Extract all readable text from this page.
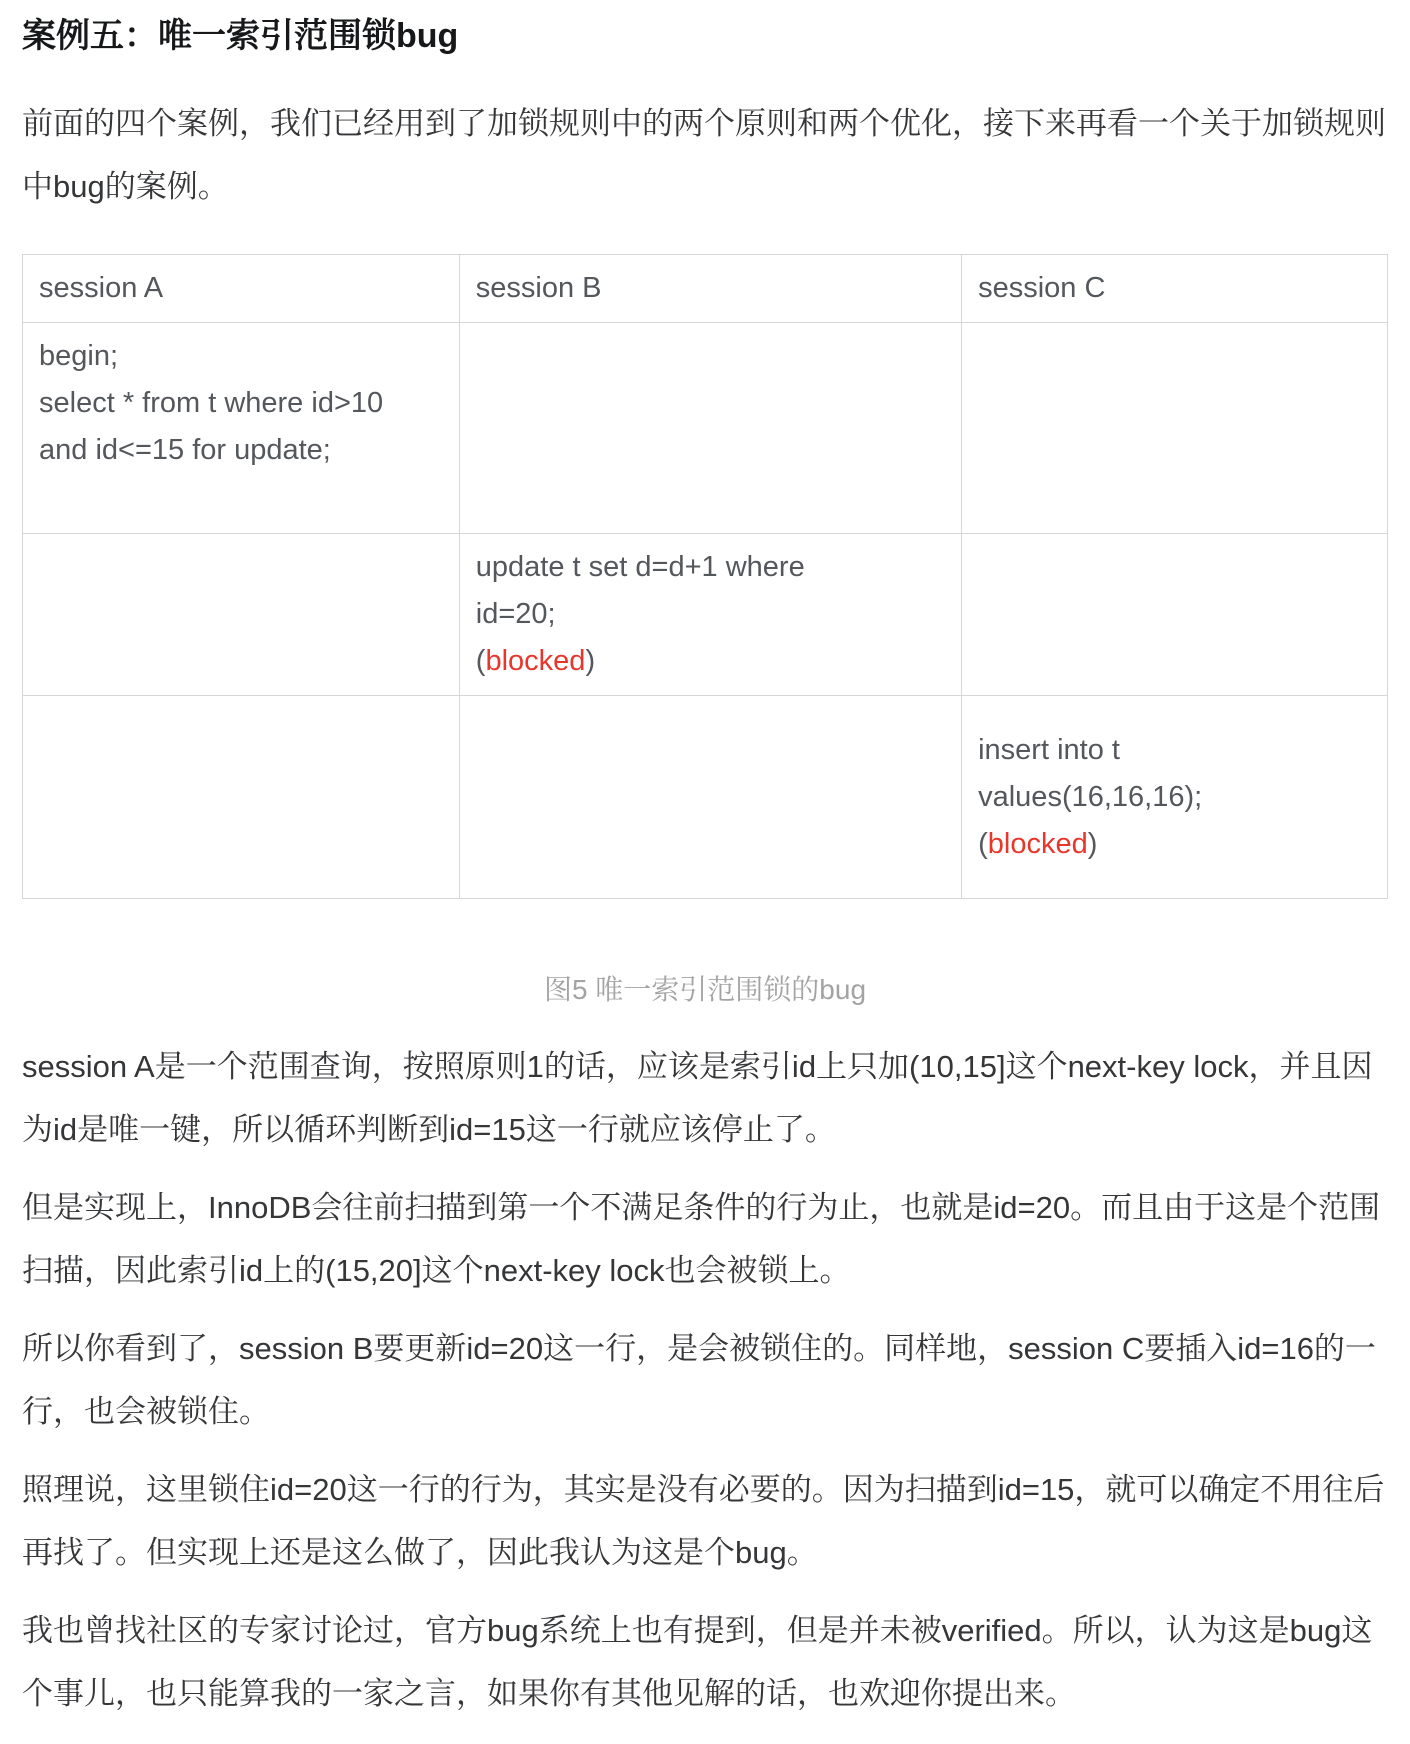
案例五：唯一索引范围锁bug

前面的四个案例，我们已经用到了加锁规则中的两个原则和两个优化，接下来再看一个关于加锁规则中bug的案例。

session A	session B	session C

begin;
select * from t where id>10
and id<=15 for update;		

	update t set d=d+1 where
id=20;
(blocked)	

		insert into t
values(16,16,16);
(blocked)
图5 唯一索引范围锁的bug

session A是一个范围查询，按照原则1的话，应该是索引id上只加(10,15]这个next-key lock，并且因为id是唯一键，所以循环判断到id=15这一行就应该停止了。

但是实现上，InnoDB会往前扫描到第一个不满足条件的行为止，也就是id=20。而且由于这是个范围扫描，因此索引id上的(15,20]这个next-key lock也会被锁上。

所以你看到了，session B要更新id=20这一行，是会被锁住的。同样地，session C要插入id=16的一行，也会被锁住。

照理说，这里锁住id=20这一行的行为，其实是没有必要的。因为扫描到id=15，就可以确定不用往后再找了。但实现上还是这么做了，因此我认为这是个bug。

我也曾找社区的专家讨论过，官方bug系统上也有提到，但是并未被verified。所以，认为这是bug这个事儿，也只能算我的一家之言，如果你有其他见解的话，也欢迎你提出来。
